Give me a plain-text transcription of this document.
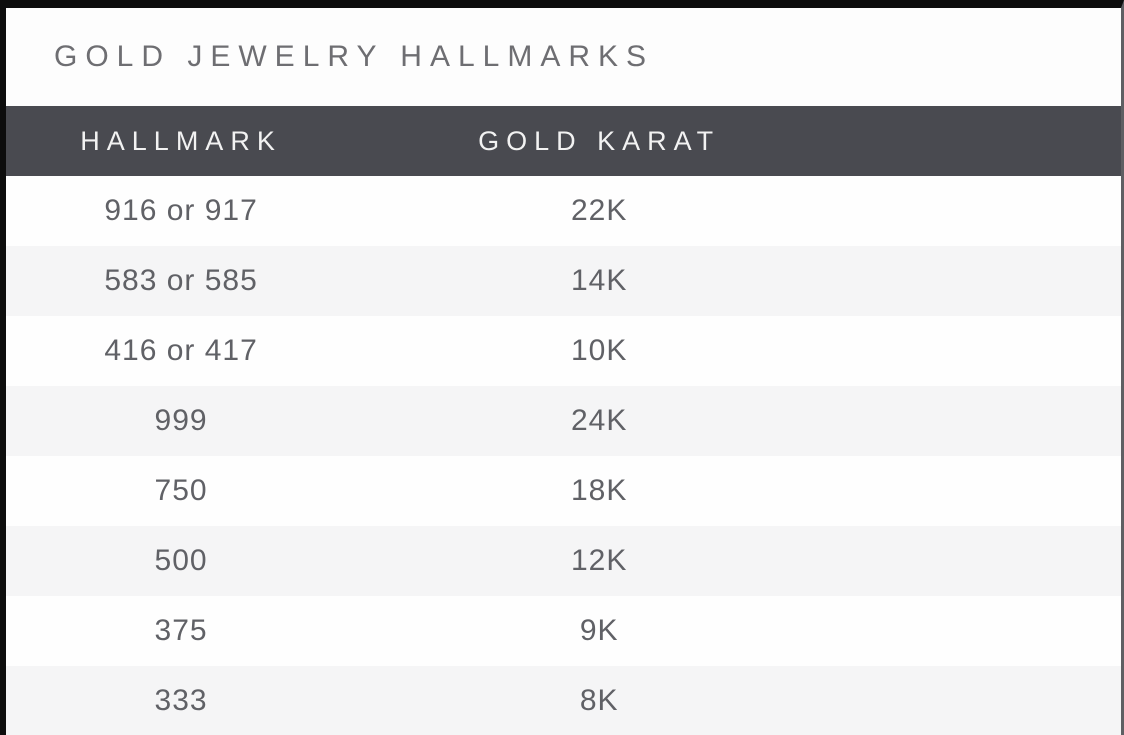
GOLD JEWELRY HALLMARKS
HALLMARK	GOLD KARAT	
916 or 917	22K	
583 or 585	14K	
416 or 417	10K	
999	24K	
750	18K	
500	12K	
375	9K	
333	8K	
